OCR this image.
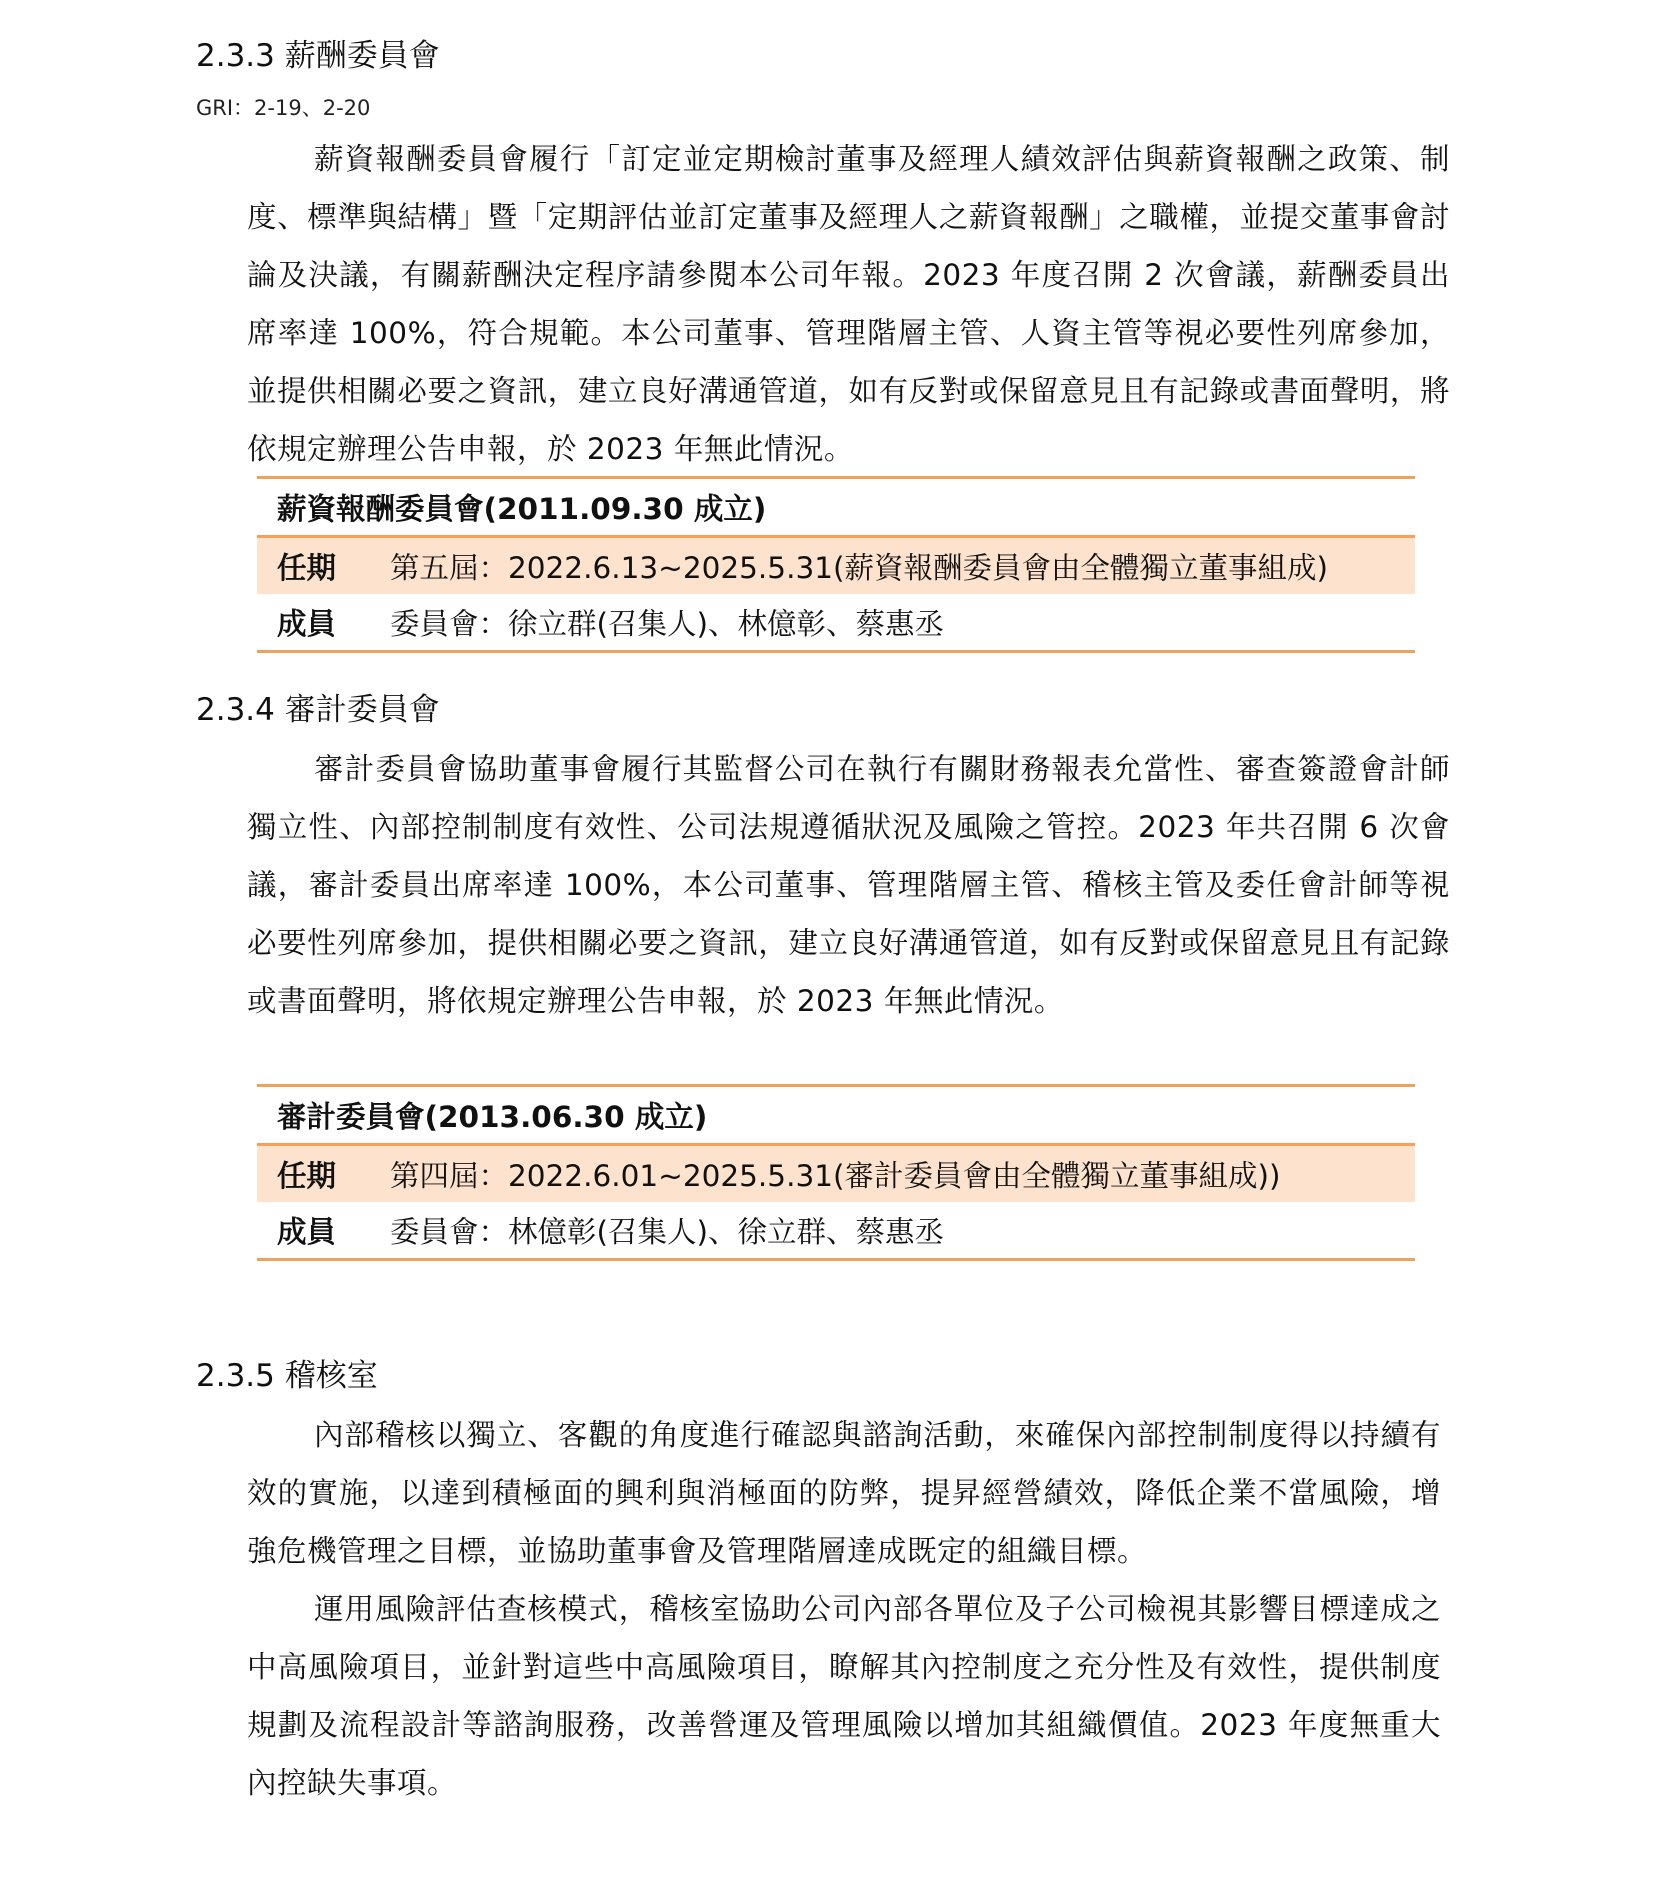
2.3.3 薪酬委員會

GRI：2-19、2-20

薪資報酬委員會履行「訂定並定期檢討董事及經理人績效評估與薪資報酬之政策、制度、標準與結構」暨「定期評估並訂定董事及經理人之薪資報酬」之職權，並提交董事會討論及決議，有關薪酬決定程序請參閱本公司年報。2023 年度召開 2 次會議，薪酬委員出席率達 100%，符合規範。本公司董事、管理階層主管、人資主管等視必要性列席參加，並提供相關必要之資訊，建立良好溝通管道，如有反對或保留意見且有記錄或書面聲明，將依規定辦理公告申報，於 2023 年無此情況。

薪資報酬委員會(2011.09.30 成立)
任期	第五屆：2022.6.13~2025.5.31(薪資報酬委員會由全體獨立董事組成)
成員	委員會：徐立群(召集人)、林億彰、蔡惠丞
2.3.4 審計委員會

審計委員會協助董事會履行其監督公司在執行有關財務報表允當性、審查簽證會計師獨立性、內部控制制度有效性、公司法規遵循狀況及風險之管控。2023 年共召開 6 次會議，審計委員出席率達 100%，本公司董事、管理階層主管、稽核主管及委任會計師等視必要性列席參加，提供相關必要之資訊，建立良好溝通管道，如有反對或保留意見且有記錄或書面聲明，將依規定辦理公告申報，於 2023 年無此情況。

審計委員會(2013.06.30 成立)
任期	第四屆：2022.6.01~2025.5.31(審計委員會由全體獨立董事組成))
成員	委員會：林億彰(召集人)、徐立群、蔡惠丞
2.3.5 稽核室

內部稽核以獨立、客觀的角度進行確認與諮詢活動，來確保內部控制制度得以持續有效的實施，以達到積極面的興利與消極面的防弊，提昇經營績效，降低企業不當風險，增強危機管理之目標，並協助董事會及管理階層達成既定的組織目標。

運用風險評估查核模式，稽核室協助公司內部各單位及子公司檢視其影響目標達成之中高風險項目，並針對這些中高風險項目，瞭解其內控制度之充分性及有效性，提供制度規劃及流程設計等諮詢服務，改善營運及管理風險以增加其組織價值。2023 年度無重大內控缺失事項。
